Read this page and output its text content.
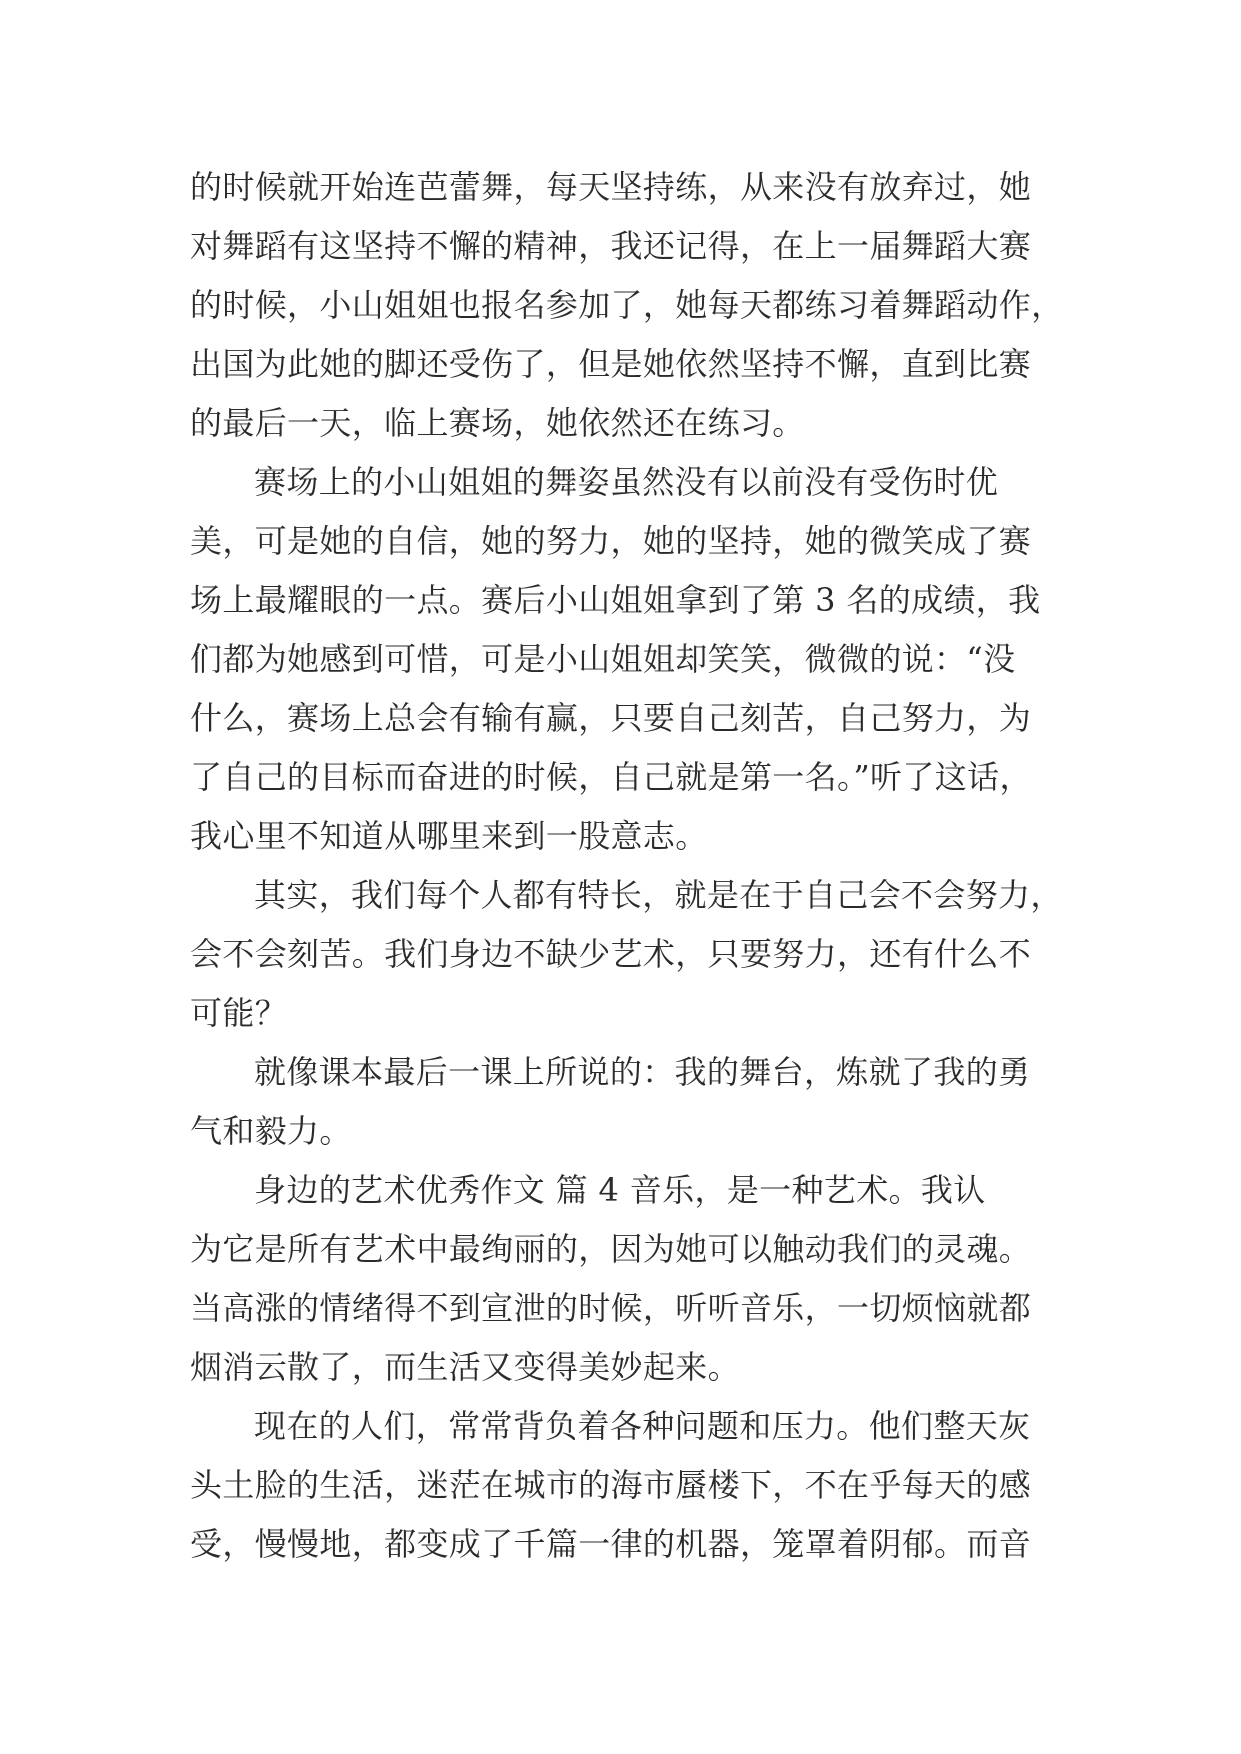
的时候就开始连芭蕾舞，每天坚持练，从来没有放弃过，她
对舞蹈有这坚持不懈的精神，我还记得，在上一届舞蹈大赛
的时候，小山姐姐也报名参加了，她每天都练习着舞蹈动作，
出国为此她的脚还受伤了，但是她依然坚持不懈，直到比赛
的最后一天，临上赛场，她依然还在练习。
赛场上的小山姐姐的舞姿虽然没有以前没有受伤时优
美，可是她的自信，她的努力，她的坚持，她的微笑成了赛
场上最耀眼的一点。赛后小山姐姐拿到了第 3 名的成绩，我
们都为她感到可惜，可是小山姐姐却笑笑，微微的说：“没
什么，赛场上总会有输有赢，只要自己刻苦，自己努力，为
了自己的目标而奋进的时候，自己就是第一名。”听了这话，
我心里不知道从哪里来到一股意志。
其实，我们每个人都有特长，就是在于自己会不会努力，
会不会刻苦。我们身边不缺少艺术，只要努力，还有什么不
可能？
就像课本最后一课上所说的：我的舞台，炼就了我的勇
气和毅力。
身边的艺术优秀作文 篇 4 音乐，是一种艺术。我认
为它是所有艺术中最绚丽的，因为她可以触动我们的灵魂。
当高涨的情绪得不到宣泄的时候，听听音乐，一切烦恼就都
烟消云散了，而生活又变得美妙起来。
现在的人们，常常背负着各种问题和压力。他们整天灰
头土脸的生活，迷茫在城市的海市蜃楼下，不在乎每天的感
受，慢慢地，都变成了千篇一律的机器，笼罩着阴郁。而音
